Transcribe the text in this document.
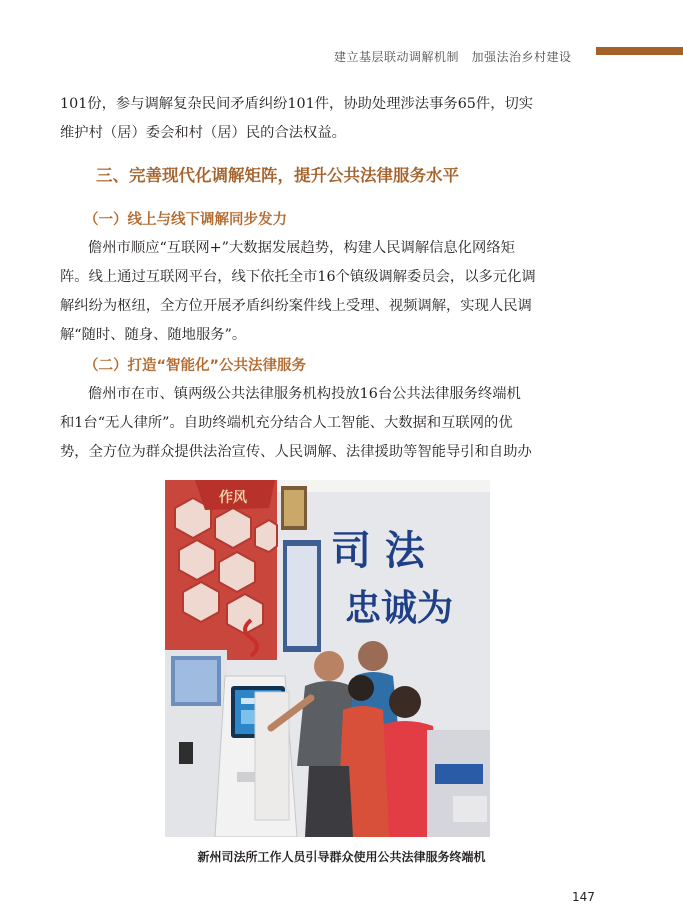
建立基层联动调解机制　加强法治乡村建设

101份，参与调解复杂民间矛盾纠纷101件，协助处理涉法事务65件，切实
维护村（居）委会和村（居）民的合法权益。

三、完善现代化调解矩阵，提升公共法律服务水平
（一）线上与线下调解同步发力

儋州市顺应“互联网+”大数据发展趋势，构建人民调解信息化网络矩
阵。线上通过互联网平台，线下依托全市16个镇级调解委员会，以多元化调
解纠纷为枢纽，全方位开展矛盾纠纷案件线上受理、视频调解，实现人民调
解“随时、随身、随地服务”。

（二）打造“智能化”公共法律服务

儋州市在市、镇两级公共法律服务机构投放16台公共法律服务终端机
和1台“无人律所”。自助终端机充分结合人工智能、大数据和互联网的优
势，全方位为群众提供法治宣传、人民调解、法律援助等智能导引和自助办

作风
司 法
忠诚为
新州司法所工作人员引导群众使用公共法律服务终端机
147
